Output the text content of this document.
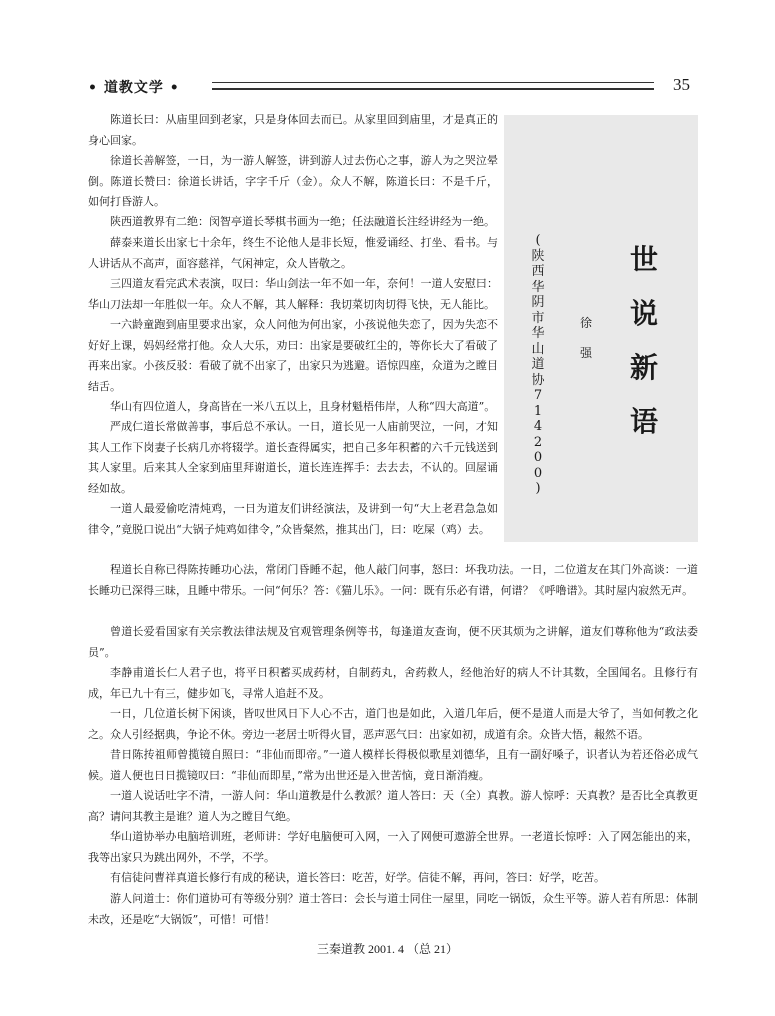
• 道教文学 •	35
世
说
新
语
徐
强
(
陕
西
华
阴
市
华
山
道
协
7
1
4
2
0
0
)

陈道长曰：从庙里回到老家，只是身体回去而已。从家里回到庙里，才是真正的身心回家。

徐道长善解签，一日，为一游人解签，讲到游人过去伤心之事，游人为之哭泣晕倒。陈道长赞曰：徐道长讲话，字字千斤（金）。众人不解，陈道长曰：不是千斤，如何打昏游人。

陕西道教界有二绝：闵智亭道长琴棋书画为一绝；任法融道长注经讲经为一绝。

薛泰来道长出家七十余年，终生不论他人是非长短，惟爱诵经、打坐、看书。与人讲话从不高声，面容慈祥，气闲神定，众人皆敬之。

三四道友看完武术表演，叹曰：华山剑法一年不如一年，奈何！一道人安慰曰：华山刀法却一年胜似一年。众人不解，其人解释：我切菜切肉切得飞快，无人能比。

一六龄童跑到庙里要求出家，众人问他为何出家，小孩说他失恋了，因为失恋不好好上课，妈妈经常打他。众人大乐，劝曰：出家是要破红尘的，等你长大了看破了再来出家。小孩反驳：看破了就不出家了，出家只为逃避。语惊四座，众道为之瞠目结舌。

华山有四位道人，身高皆在一米八五以上，且身材魁梧伟岸，人称“四大高道”。

严成仁道长常做善事，事后总不承认。一日，道长见一人庙前哭泣，一问，才知其人工作下岗妻子长病几亦将辍学。道长查得属实，把自己多年积蓄的六千元钱送到其人家里。后来其人全家到庙里拜谢道长，道长连连挥手：去去去，不认的。回屋诵经如故。

一道人最爱偷吃清炖鸡，一日为道友们讲经演法，及讲到一句“大上老君急急如律令，”竟脱口说出“大锅子炖鸡如律令，”众皆粲然，推其出门，曰：吃屎（鸡）去。

程道长自称已得陈抟睡功心法，常闭门昏睡不起，他人敲门问事，怒曰：坏我功法。一日，二位道友在其门外高谈：一道长睡功已深得三昧，且睡中带乐。一问“何乐？答：《猫儿乐》。一问：既有乐必有谱，何谱？《呼噜谱》。其时屋内寂然无声。

曾道长爱看国家有关宗教法律法规及官观管理条例等书，每逢道友查询，便不厌其烦为之讲解，道友们尊称他为“政法委员”。

李静甫道长仁人君子也，将平日积蓄买成药材，自制药丸，舍药救人，经他治好的病人不计其数，全国闻名。且修行有成，年已九十有三，健步如飞，寻常人追赶不及。

一日，几位道长树下闲谈，皆叹世风日下人心不古，道门也是如此，入道几年后，便不是道人而是大爷了，当如何教之化之。众人引经据典，争论不休。旁边一老居士听得火冒，恶声恶气曰：出家如初，成道有余。众皆大悟，赧然不语。

昔日陈抟祖师曾揽镜自照曰：“非仙而即帝。”一道人模样长得极似歌星刘德华，且有一副好嗓子，识者认为若还俗必成气候。道人便也日日揽镜叹曰：“非仙而即星，”常为出世还是入世苦恼，竟日渐消瘦。

一道人说话吐字不清，一游人问：华山道教是什么教派？道人答曰：天（全）真教。游人惊呼：天真教？是否比全真教更高？请问其教主是谁？道人为之瞠目气绝。

华山道协举办电脑培训班，老师讲：学好电脑便可入网，一入了网便可遨游全世界。一老道长惊呼：入了网怎能出的来，我等出家只为跳出网外，不学，不学。

有信徒问曹祥真道长修行有成的秘诀，道长答曰：吃苦，好学。信徒不解，再问，答曰：好学，吃苦。

游人问道士：你们道协可有等级分别？道士答曰：会长与道士同住一屋里，同吃一锅饭，众生平等。游人若有所思：体制未改，还是吃“大锅饭”，可惜！可惜！

三秦道教 2001. 4 （总 21）
